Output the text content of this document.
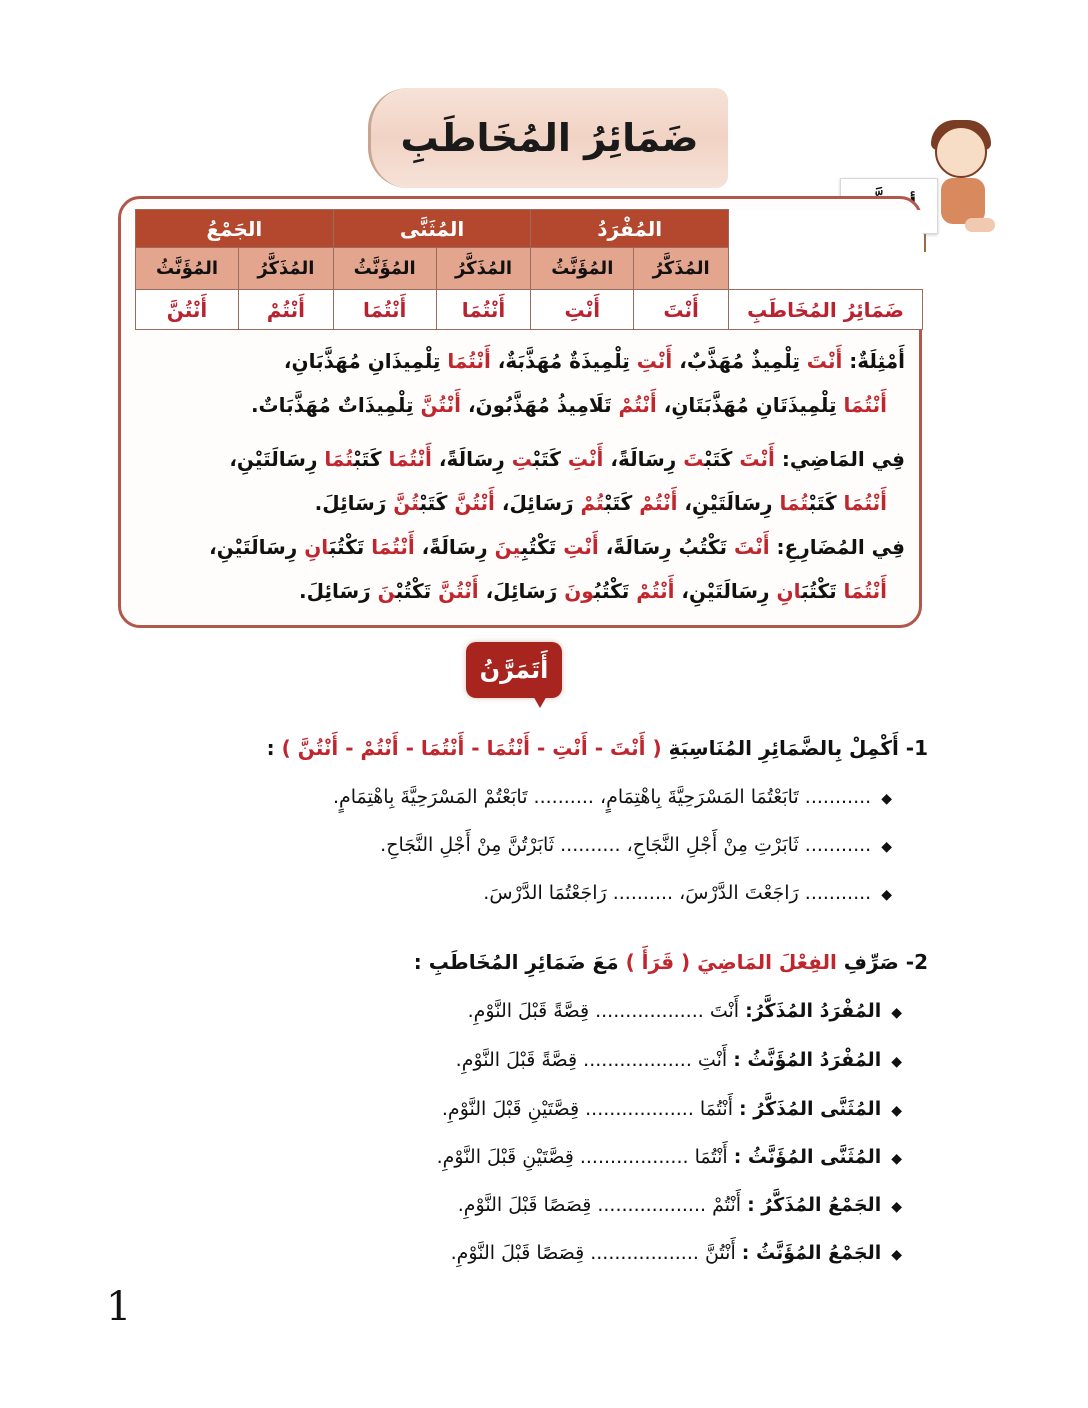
ضَمَائِرُ المُخَاطَبِ
	المُفْرَدُ		المُثَنَّى		الجَمْعُ	
	المُذَكَّرُ	المُؤَنَّثُ	المُذَكَّرُ	المُؤَنَّثُ	المُذَكَّرُ	المُؤَنَّثُ
ضَمَائِرُ المُخَاطَبِ	أَنْتَ	أَنْتِ	أَنْتُمَا	أَنْتُمَا	أَنْتُمْ	أَنْتُنَّ
أَمْثِلَةٌ: أَنْتَ تِلْمِيذٌ مُهَذَّبٌ، أَنْتِ تِلْمِيذَةٌ مُهَذَّبَةٌ، أَنْتُمَا تِلْمِيذَانِ مُهَذَّبَانِ،
أَنْتُمَا تِلْمِيذَتَانِ مُهَذَّبَتَانِ، أَنْتُمْ تَلَامِيذُ مُهَذَّبُونَ، أَنْتُنَّ تِلْمِيذَاتٌ مُهَذَّبَاتٌ.
فِي المَاضِي: أَنْتَ كَتَبْتَ رِسَالَةً، أَنْتِ كَتَبْتِ رِسَالَةً، أَنْتُمَا كَتَبْتُمَا رِسَالَتَيْنِ،
أَنْتُمَا كَتَبْتُمَا رِسَالَتَيْنِ، أَنْتُمْ كَتَبْتُمْ رَسَائِلَ، أَنْتُنَّ كَتَبْتُنَّ رَسَائِلَ.
فِي المُضَارِعِ: أَنْتَ تَكْتُبُ رِسَالَةً، أَنْتِ تَكْتُبِينَ رِسَالَةً، أَنْتُمَا تَكْتُبَانِ رِسَالَتَيْنِ،
أَنْتُمَا تَكْتُبَانِ رِسَالَتَيْنِ، أَنْتُمْ تَكْتُبُونَ رَسَائِلَ، أَنْتُنَّ تَكْتُبْنَ رَسَائِلَ.
أَتَمَرَّنُ
1- أَكْمِلْ بِالضَّمَائِرِ المُنَاسِبَةِ ( أَنْتَ - أَنْتِ - أَنْتُمَا - أَنْتُمَا - أَنْتُمْ - أَنْتُنَّ ) :
◆........... تَابَعْتُمَا المَسْرَحِيَّةَ بِاهْتِمَامٍ، .......... تَابَعْتُمْ المَسْرَحِيَّةَ بِاهْتِمَامٍ.
◆........... ثَابَرْتِ مِنْ أَجْلِ النَّجَاحِ، .......... ثَابَرْتُنَّ مِنْ أَجْلِ النَّجَاحِ.
◆........... رَاجَعْتَ الدَّرْسَ، .......... رَاجَعْتُمَا الدَّرْسَ.
2- صَرِّفِ الفِعْلَ المَاضِيَ ( قَرَأَ ) مَعَ ضَمَائِرِ المُخَاطَبِ :
◆المُفْرَدُ المُذَكَّرُ: أَنْتَ .................. قِصَّةً قَبْلَ النَّوْمِ.
◆المُفْرَدُ المُؤَنَّثُ : أَنْتِ .................. قِصَّةً قَبْلَ النَّوْمِ.
◆المُثَنَّى المُذَكَّرُ : أَنْتُمَا .................. قِصَّتَيْنِ قَبْلَ النَّوْمِ.
◆المُثَنَّى المُؤَنَّثُ : أَنْتُمَا .................. قِصَّتَيْنِ قَبْلَ النَّوْمِ.
◆الجَمْعُ المُذَكَّرُ : أَنْتُمْ .................. قِصَصًا قَبْلَ النَّوْمِ.
◆الجَمْعُ المُؤَنَّثُ : أَنْتُنَّ .................. قِصَصًا قَبْلَ النَّوْمِ.
1
